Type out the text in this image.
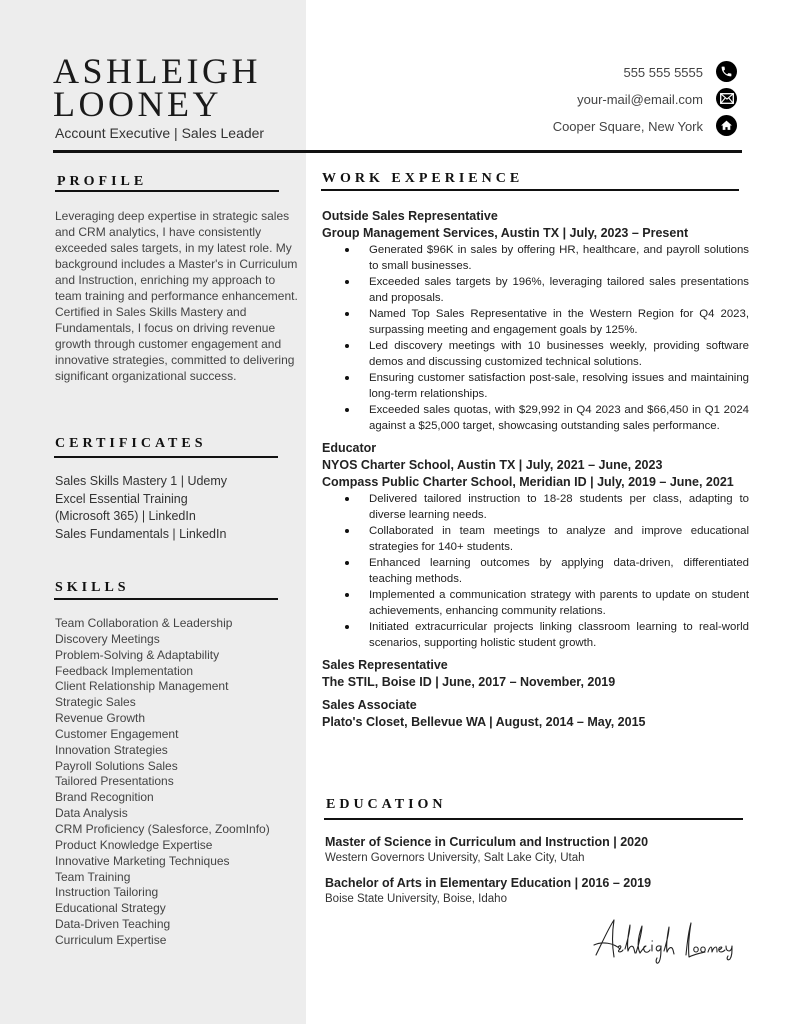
ASHLEIGH
LOONEY
Account Executive | Sales Leader
555 555 5555
your-mail@email.com
Cooper Square, New York
PROFILE
Leveraging deep expertise in strategic sales and CRM analytics, I have consistently exceeded sales targets, in my latest role. My background includes a Master's in Curriculum and Instruction, enriching my approach to team training and performance enhancement. Certified in Sales Skills Mastery and Fundamentals, I focus on driving revenue growth through customer engagement and innovative strategies, committed to delivering significant organizational success.
CERTIFICATES
Sales Skills Mastery 1 | Udemy
Excel Essential Training
(Microsoft 365) | LinkedIn
Sales Fundamentals | LinkedIn
SKILLS
Team Collaboration & Leadership
Discovery Meetings
Problem-Solving & Adaptability
Feedback Implementation
Client Relationship Management
Strategic Sales
Revenue Growth
Customer Engagement
Innovation Strategies
Payroll Solutions Sales
Tailored Presentations
Brand Recognition
Data Analysis
CRM Proficiency (Salesforce, ZoomInfo)
Product Knowledge Expertise
Innovative Marketing Techniques
Team Training
Instruction Tailoring
Educational Strategy
Data-Driven Teaching
Curriculum Expertise
WORK EXPERIENCE
Outside Sales Representative
Group Management Services, Austin TX | July, 2023 – Present
Generated $96K in sales by offering HR, healthcare, and payroll solutions to small businesses.
Exceeded sales targets by 196%, leveraging tailored sales presentations and proposals.
Named Top Sales Representative in the Western Region for Q4 2023, surpassing meeting and engagement goals by 125%.
Led discovery meetings with 10 businesses weekly, providing software demos and discussing customized technical solutions.
Ensuring customer satisfaction post-sale, resolving issues and maintaining long-term relationships.
Exceeded sales quotas, with $29,992 in Q4 2023 and $66,450 in Q1 2024 against a $25,000 target, showcasing outstanding sales performance.
Educator
NYOS Charter School, Austin TX | July, 2021 – June, 2023
Compass Public Charter School, Meridian ID | July, 2019 – June, 2021
Delivered tailored instruction to 18-28 students per class, adapting to diverse learning needs.
Collaborated in team meetings to analyze and improve educational strategies for 140+ students.
Enhanced learning outcomes by applying data-driven, differentiated teaching methods.
Implemented a communication strategy with parents to update on student achievements, enhancing community relations.
Initiated extracurricular projects linking classroom learning to real-world scenarios, supporting holistic student growth.
Sales Representative
The STIL, Boise ID | June, 2017 – November, 2019
Sales Associate
Plato's Closet, Bellevue WA | August, 2014 – May, 2015
EDUCATION
Master of Science in Curriculum and Instruction | 2020
Western Governors University, Salt Lake City, Utah
Bachelor of Arts in Elementary Education | 2016 – 2019
Boise State University, Boise, Idaho
